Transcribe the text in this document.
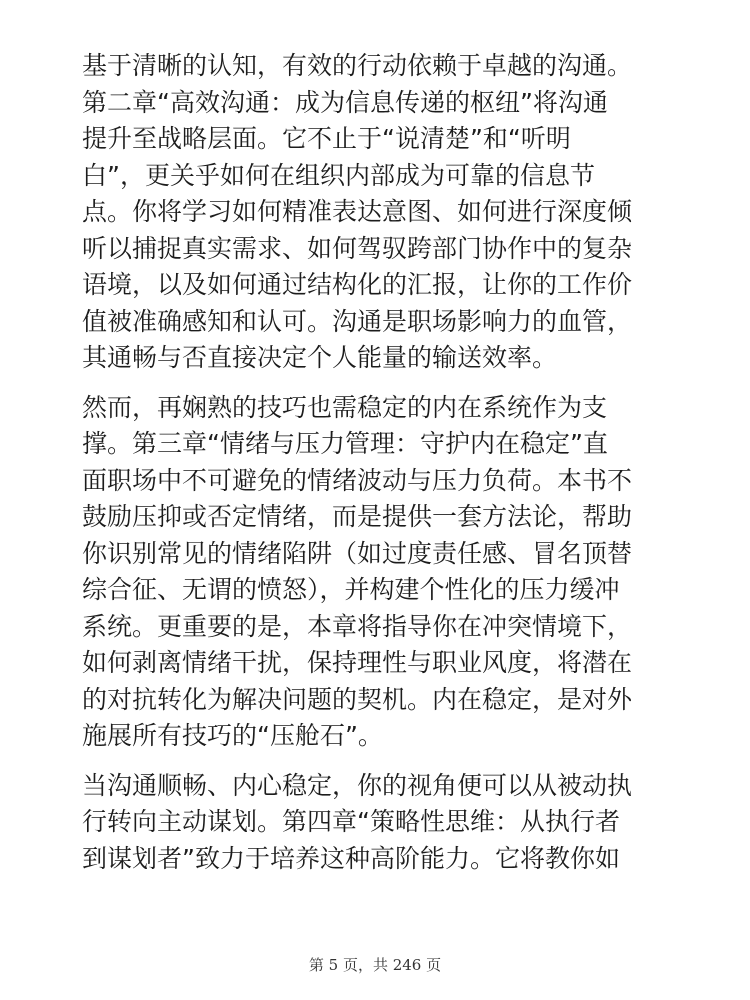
基于清晰的认知，有效的行动依赖于卓越的沟通。
第二章“高效沟通：成为信息传递的枢纽”将沟通
提升至战略层面。它不止于“说清楚”和“听明
白”，更关乎如何在组织内部成为可靠的信息节
点。你将学习如何精准表达意图、如何进行深度倾
听以捕捉真实需求、如何驾驭跨部门协作中的复杂
语境，以及如何通过结构化的汇报，让你的工作价
值被准确感知和认可。沟通是职场影响力的血管，
其通畅与否直接决定个人能量的输送效率。

然而，再娴熟的技巧也需稳定的内在系统作为支
撑。第三章“情绪与压力管理：守护内在稳定”直
面职场中不可避免的情绪波动与压力负荷。本书不
鼓励压抑或否定情绪，而是提供一套方法论，帮助
你识别常见的情绪陷阱（如过度责任感、冒名顶替
综合征、无谓的愤怒），并构建个性化的压力缓冲
系统。更重要的是，本章将指导你在冲突情境下，
如何剥离情绪干扰，保持理性与职业风度，将潜在
的对抗转化为解决问题的契机。内在稳定，是对外
施展所有技巧的“压舱石”。

当沟通顺畅、内心稳定，你的视角便可以从被动执
行转向主动谋划。第四章“策略性思维：从执行者
到谋划者”致力于培养这种高阶能力。它将教你如

第 5 页，共 246 页
